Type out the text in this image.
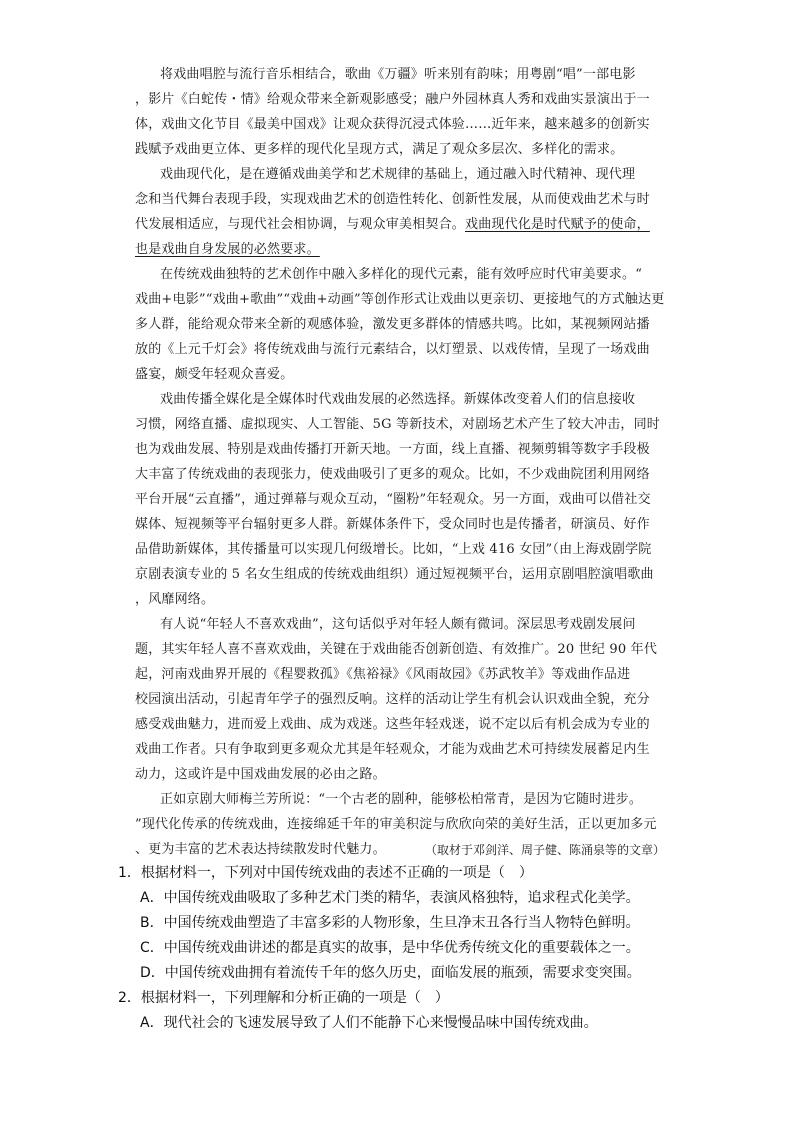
将戏曲唱腔与流行音乐相结合，歌曲《万疆》听来别有韵味；用粤剧“唱”一部电影
，影片《白蛇传・情》给观众带来全新观影感受；融户外园林真人秀和戏曲实景演出于一
体，戏曲文化节目《最美中国戏》让观众获得沉浸式体验……近年来，越来越多的创新实
践赋予戏曲更立体、更多样的现代化呈现方式，满足了观众多层次、多样化的需求。
戏曲现代化，是在遵循戏曲美学和艺术规律的基础上，通过融入时代精神、现代理
念和当代舞台表现手段，实现戏曲艺术的创造性转化、创新性发展，从而使戏曲艺术与时
代发展相适应，与现代社会相协调，与观众审美相契合。戏曲现代化是时代赋予的使命，
也是戏曲自身发展的必然要求。
在传统戏曲独特的艺术创作中融入多样化的现代元素，能有效呼应时代审美要求。“
戏曲+电影”“戏曲+歌曲”“戏曲+动画”等创作形式让戏曲以更亲切、更接地气的方式触达更
多人群，能给观众带来全新的观感体验，激发更多群体的情感共鸣。比如，某视频网站播
放的《上元千灯会》将传统戏曲与流行元素结合，以灯塑景、以戏传情，呈现了一场戏曲
盛宴，颇受年轻观众喜爱。
戏曲传播全媒化是全媒体时代戏曲发展的必然选择。新媒体改变着人们的信息接收
习惯，网络直播、虚拟现实、人工智能、5G 等新技术，对剧场艺术产生了较大冲击，同时
也为戏曲发展、特别是戏曲传播打开新天地。一方面，线上直播、视频剪辑等数字手段极
大丰富了传统戏曲的表现张力，使戏曲吸引了更多的观众。比如，不少戏曲院团利用网络
平台开展“云直播”，通过弹幕与观众互动，“圈粉”年轻观众。另一方面，戏曲可以借社交
媒体、短视频等平台辐射更多人群。新媒体条件下，受众同时也是传播者，研演员、好作
品借助新媒体，其传播量可以实现几何级增长。比如，“上戏 416 女団”（由上海戏剧学院
京剧表演专业的 5 名女生组成的传统戏曲组织）通过短视频平台，运用京剧唱腔演唱歌曲
，风靡网络。
有人说“年轻人不喜欢戏曲”，这句话似乎对年轻人颇有微词。深层思考戏剧发展问
题，其实年轻人喜不喜欢戏曲，关键在于戏曲能否创新创造、有效推广。20 世纪 90 年代
起，河南戏曲界开展的《程婴救孤》《焦裕禄》《风雨故园》《苏武牧羊》等戏曲作品进
校园演出活动，引起青年学子的强烈反响。这样的活动让学生有机会认识戏曲全貌，充分
感受戏曲魅力，进而爱上戏曲、成为戏迷。这些年轻戏迷，说不定以后有机会成为专业的
戏曲工作者。只有争取到更多观众尤其是年轻观众，才能为戏曲艺术可持续发展蓄足内生
动力，这或许是中国戏曲发展的必由之路。
正如京剧大师梅兰芳所说：“一个古老的剧种，能够松柏常青，是因为它随时进步。
”现代化传承的传统戏曲，连接绵延千年的审美积淀与欣欣向荣的美好生活，正以更加多元
、更为丰富的艺术表达持续散发时代魅力。	（取材于邓剑洋、周子健、陈涌泉等的文章）
1．根据材料一，下列对中国传统戏曲的表述不正确的一项是（　）
A．中国传统戏曲吸取了多种艺术门类的精华，表演风格独特，追求程式化美学。
B．中国传统戏曲塑造了丰富多彩的人物形象，生旦净末丑各行当人物特色鲜明。
C．中国传统戏曲讲述的都是真实的故事，是中华优秀传统文化的重要载体之一。
D．中国传统戏曲拥有着流传千年的悠久历史，面临发展的瓶颈，需要求变突围。
2．根据材料一，下列理解和分析正确的一项是（　）
A．现代社会的飞速发展导致了人们不能静下心来慢慢品味中国传统戏曲。
